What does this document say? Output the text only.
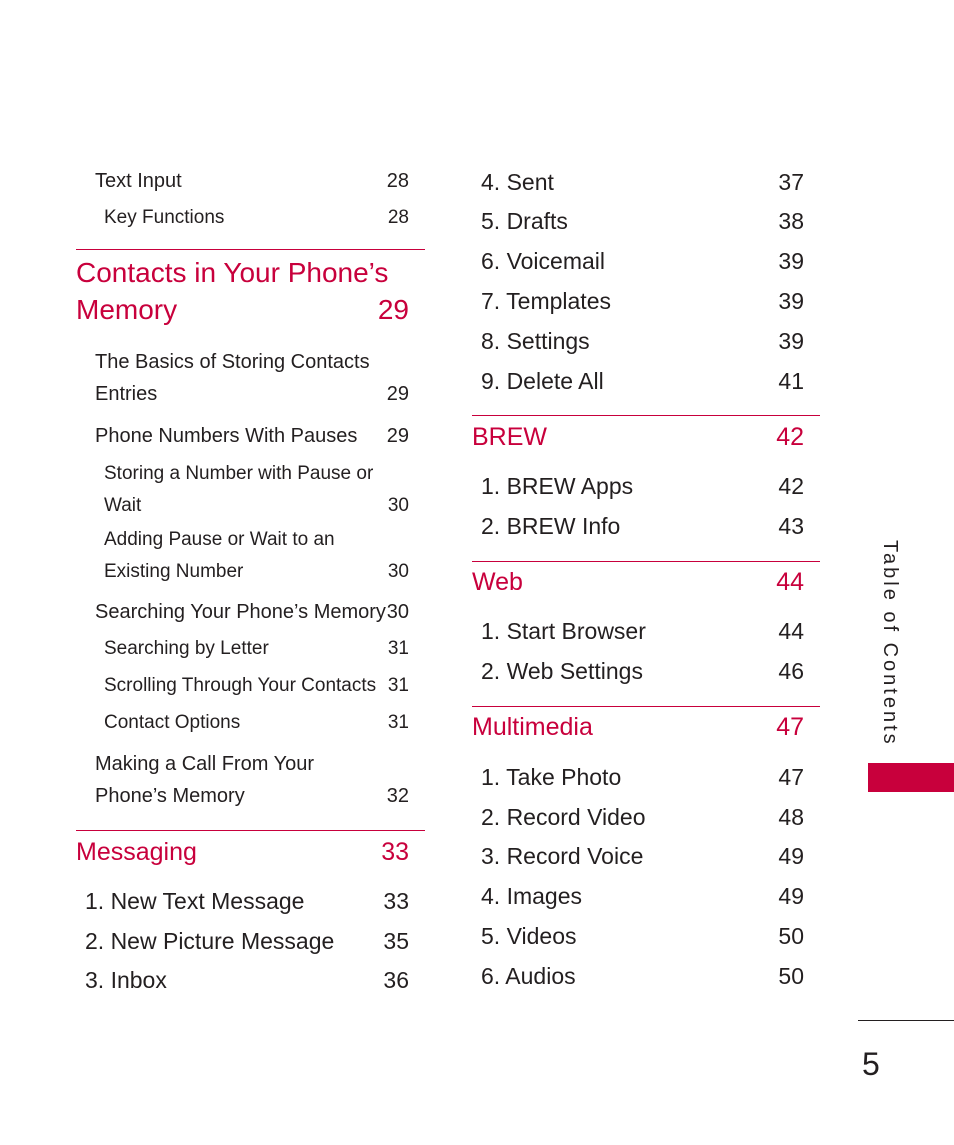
Text Input	28
Key Functions	28
Contacts in Your Phone’s
Memory	29
The Basics of Storing Contacts Entries	29
Phone Numbers With Pauses 29
Storing a Number with Pause or Wait	30
Adding Pause or Wait to an Existing Number	30
Searching Your Phone’s Memory 30
Searching by Letter	31
Scrolling Through Your Contacts 31
Contact Options	31
Making a Call From Your Phone’s Memory	32
Messaging	33
1. New Text Message	33
2. New Picture Message 35
3. Inbox	36
4. Sent	37
5. Drafts	38
6. Voicemail	39
7. Templates	39
8. Settings	39
9. Delete All	41
BREW	42
1. BREW Apps	42
2. BREW Info	43
Web	44
1. Start Browser	44
2. Web Settings	46
Multimedia	47
1. Take Photo	47
2. Record Video	48
3. Record Voice	49
4. Images	49
5. Videos	50
6. Audios	50
Table of Contents
5
